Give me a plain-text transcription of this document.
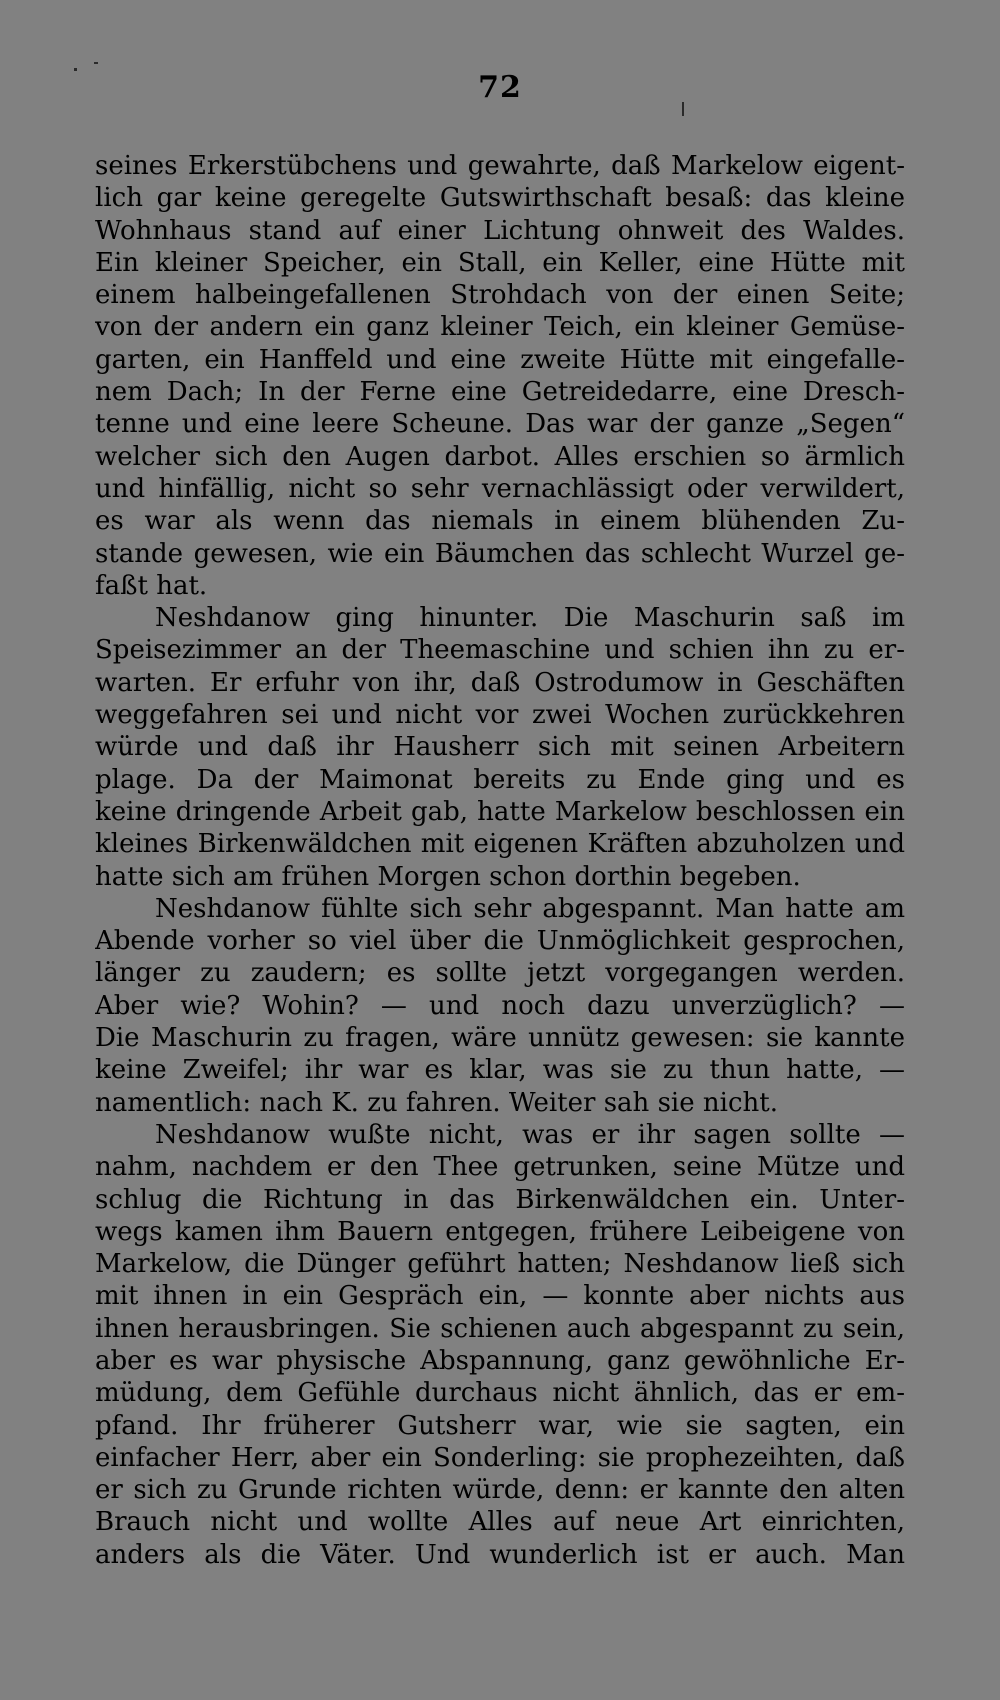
72
seines Erkerstübchens und gewahrte, daß Markelow eigent-
lich gar keine geregelte Gutswirthschaft besaß: das kleine
Wohnhaus stand auf einer Lichtung ohnweit des Waldes.
Ein kleiner Speicher, ein Stall, ein Keller, eine Hütte mit
einem halbeingefallenen Strohdach von der einen Seite;
von der andern ein ganz kleiner Teich, ein kleiner Gemüse-
garten, ein Hanffeld und eine zweite Hütte mit eingefalle-
nem Dach; In der Ferne eine Getreidedarre, eine Dresch-
tenne und eine leere Scheune. Das war der ganze „Segen“
welcher sich den Augen darbot. Alles erschien so ärmlich
und hinfällig, nicht so sehr vernachlässigt oder verwildert,
es war als wenn das niemals in einem blühenden Zu-
stande gewesen, wie ein Bäumchen das schlecht Wurzel ge-
faßt hat.
Neshdanow ging hinunter. Die Maschurin saß im
Speisezimmer an der Theemaschine und schien ihn zu er-
warten. Er erfuhr von ihr, daß Ostrodumow in Geschäften
weggefahren sei und nicht vor zwei Wochen zurückkehren
würde und daß ihr Hausherr sich mit seinen Arbeitern
plage. Da der Maimonat bereits zu Ende ging und es
keine dringende Arbeit gab, hatte Markelow beschlossen ein
kleines Birkenwäldchen mit eigenen Kräften abzuholzen und
hatte sich am frühen Morgen schon dorthin begeben.
Neshdanow fühlte sich sehr abgespannt. Man hatte am
Abende vorher so viel über die Unmöglichkeit gesprochen,
länger zu zaudern; es sollte jetzt vorgegangen werden.
Aber wie? Wohin? — und noch dazu unverzüglich? —
Die Maschurin zu fragen, wäre unnütz gewesen: sie kannte
keine Zweifel; ihr war es klar, was sie zu thun hatte, —
namentlich: nach K. zu fahren. Weiter sah sie nicht.
Neshdanow wußte nicht, was er ihr sagen sollte —
nahm, nachdem er den Thee getrunken, seine Mütze und
schlug die Richtung in das Birkenwäldchen ein. Unter-
wegs kamen ihm Bauern entgegen, frühere Leibeigene von
Markelow, die Dünger geführt hatten; Neshdanow ließ sich
mit ihnen in ein Gespräch ein, — konnte aber nichts aus
ihnen herausbringen. Sie schienen auch abgespannt zu sein,
aber es war physische Abspannung, ganz gewöhnliche Er-
müdung, dem Gefühle durchaus nicht ähnlich, das er em-
pfand. Ihr früherer Gutsherr war, wie sie sagten, ein
einfacher Herr, aber ein Sonderling: sie prophezeihten, daß
er sich zu Grunde richten würde, denn: er kannte den alten
Brauch nicht und wollte Alles auf neue Art einrichten,
anders als die Väter. Und wunderlich ist er auch. Man
